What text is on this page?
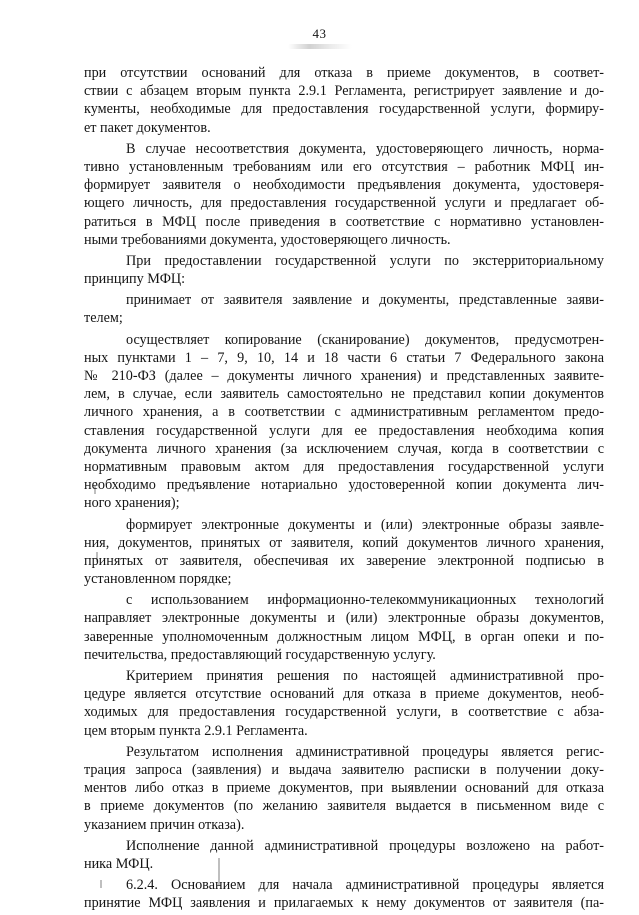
43
при отсутствии оснований для отказа в приеме документов, в соответ-
ствии с абзацем вторым пункта 2.9.1 Регламента, регистрирует заявление и до-
кументы, необходимые для предоставления государственной услуги, формиру-
ет пакет документов.
В случае несоответствия документа, удостоверяющего личность, норма-
тивно установленным требованиям или его отсутствия – работник МФЦ ин-
формирует заявителя о необходимости предъявления документа, удостоверя-
ющего личность, для предоставления государственной услуги и предлагает об-
ратиться в МФЦ после приведения в соответствие с нормативно установлен-
ными требованиями документа, удостоверяющего личность.
При предоставлении государственной услуги по экстерриториальному
принципу МФЦ:
принимает от заявителя заявление и документы, представленные заяви-
телем;
осуществляет копирование (сканирование) документов, предусмотрен-
ных пунктами 1 – 7, 9, 10, 14 и 18 части 6 статьи 7 Федерального закона
№ 210-ФЗ (далее – документы личного хранения) и представленных заявите-
лем, в случае, если заявитель самостоятельно не представил копии документов
личного хранения, а в соответствии с административным регламентом предо-
ставления государственной услуги для ее предоставления необходима копия
документа личного хранения (за исключением случая, когда в соответствии с
нормативным правовым актом для предоставления государственной услуги
необходимо предъявление нотариально удостоверенной копии документа лич-
ного хранения);
формирует электронные документы и (или) электронные образы заявле-
ния, документов, принятых от заявителя, копий документов личного хранения,
принятых от заявителя, обеспечивая их заверение электронной подписью в
установленном порядке;
с использованием информационно-телекоммуникационных технологий
направляет электронные документы и (или) электронные образы документов,
заверенные уполномоченным должностным лицом МФЦ, в орган опеки и по-
печительства, предоставляющий государственную услугу.
Критерием принятия решения по настоящей административной про-
цедуре является отсутствие оснований для отказа в приеме документов, необ-
ходимых для предоставления государственной услуги, в соответствие с абза-
цем вторым пункта 2.9.1 Регламента.
Результатом исполнения административной процедуры является регис-
трация запроса (заявления) и выдача заявителю расписки в получении доку-
ментов либо отказ в приеме документов, при выявлении оснований для отказа
в приеме документов (по желанию заявителя выдается в письменном виде с
указанием причин отказа).
Исполнение данной административной процедуры возложено на работ-
ника МФЦ.
6.2.4. Основанием для начала административной процедуры является
принятие МФЦ заявления и прилагаемых к нему документов от заявителя (па-
